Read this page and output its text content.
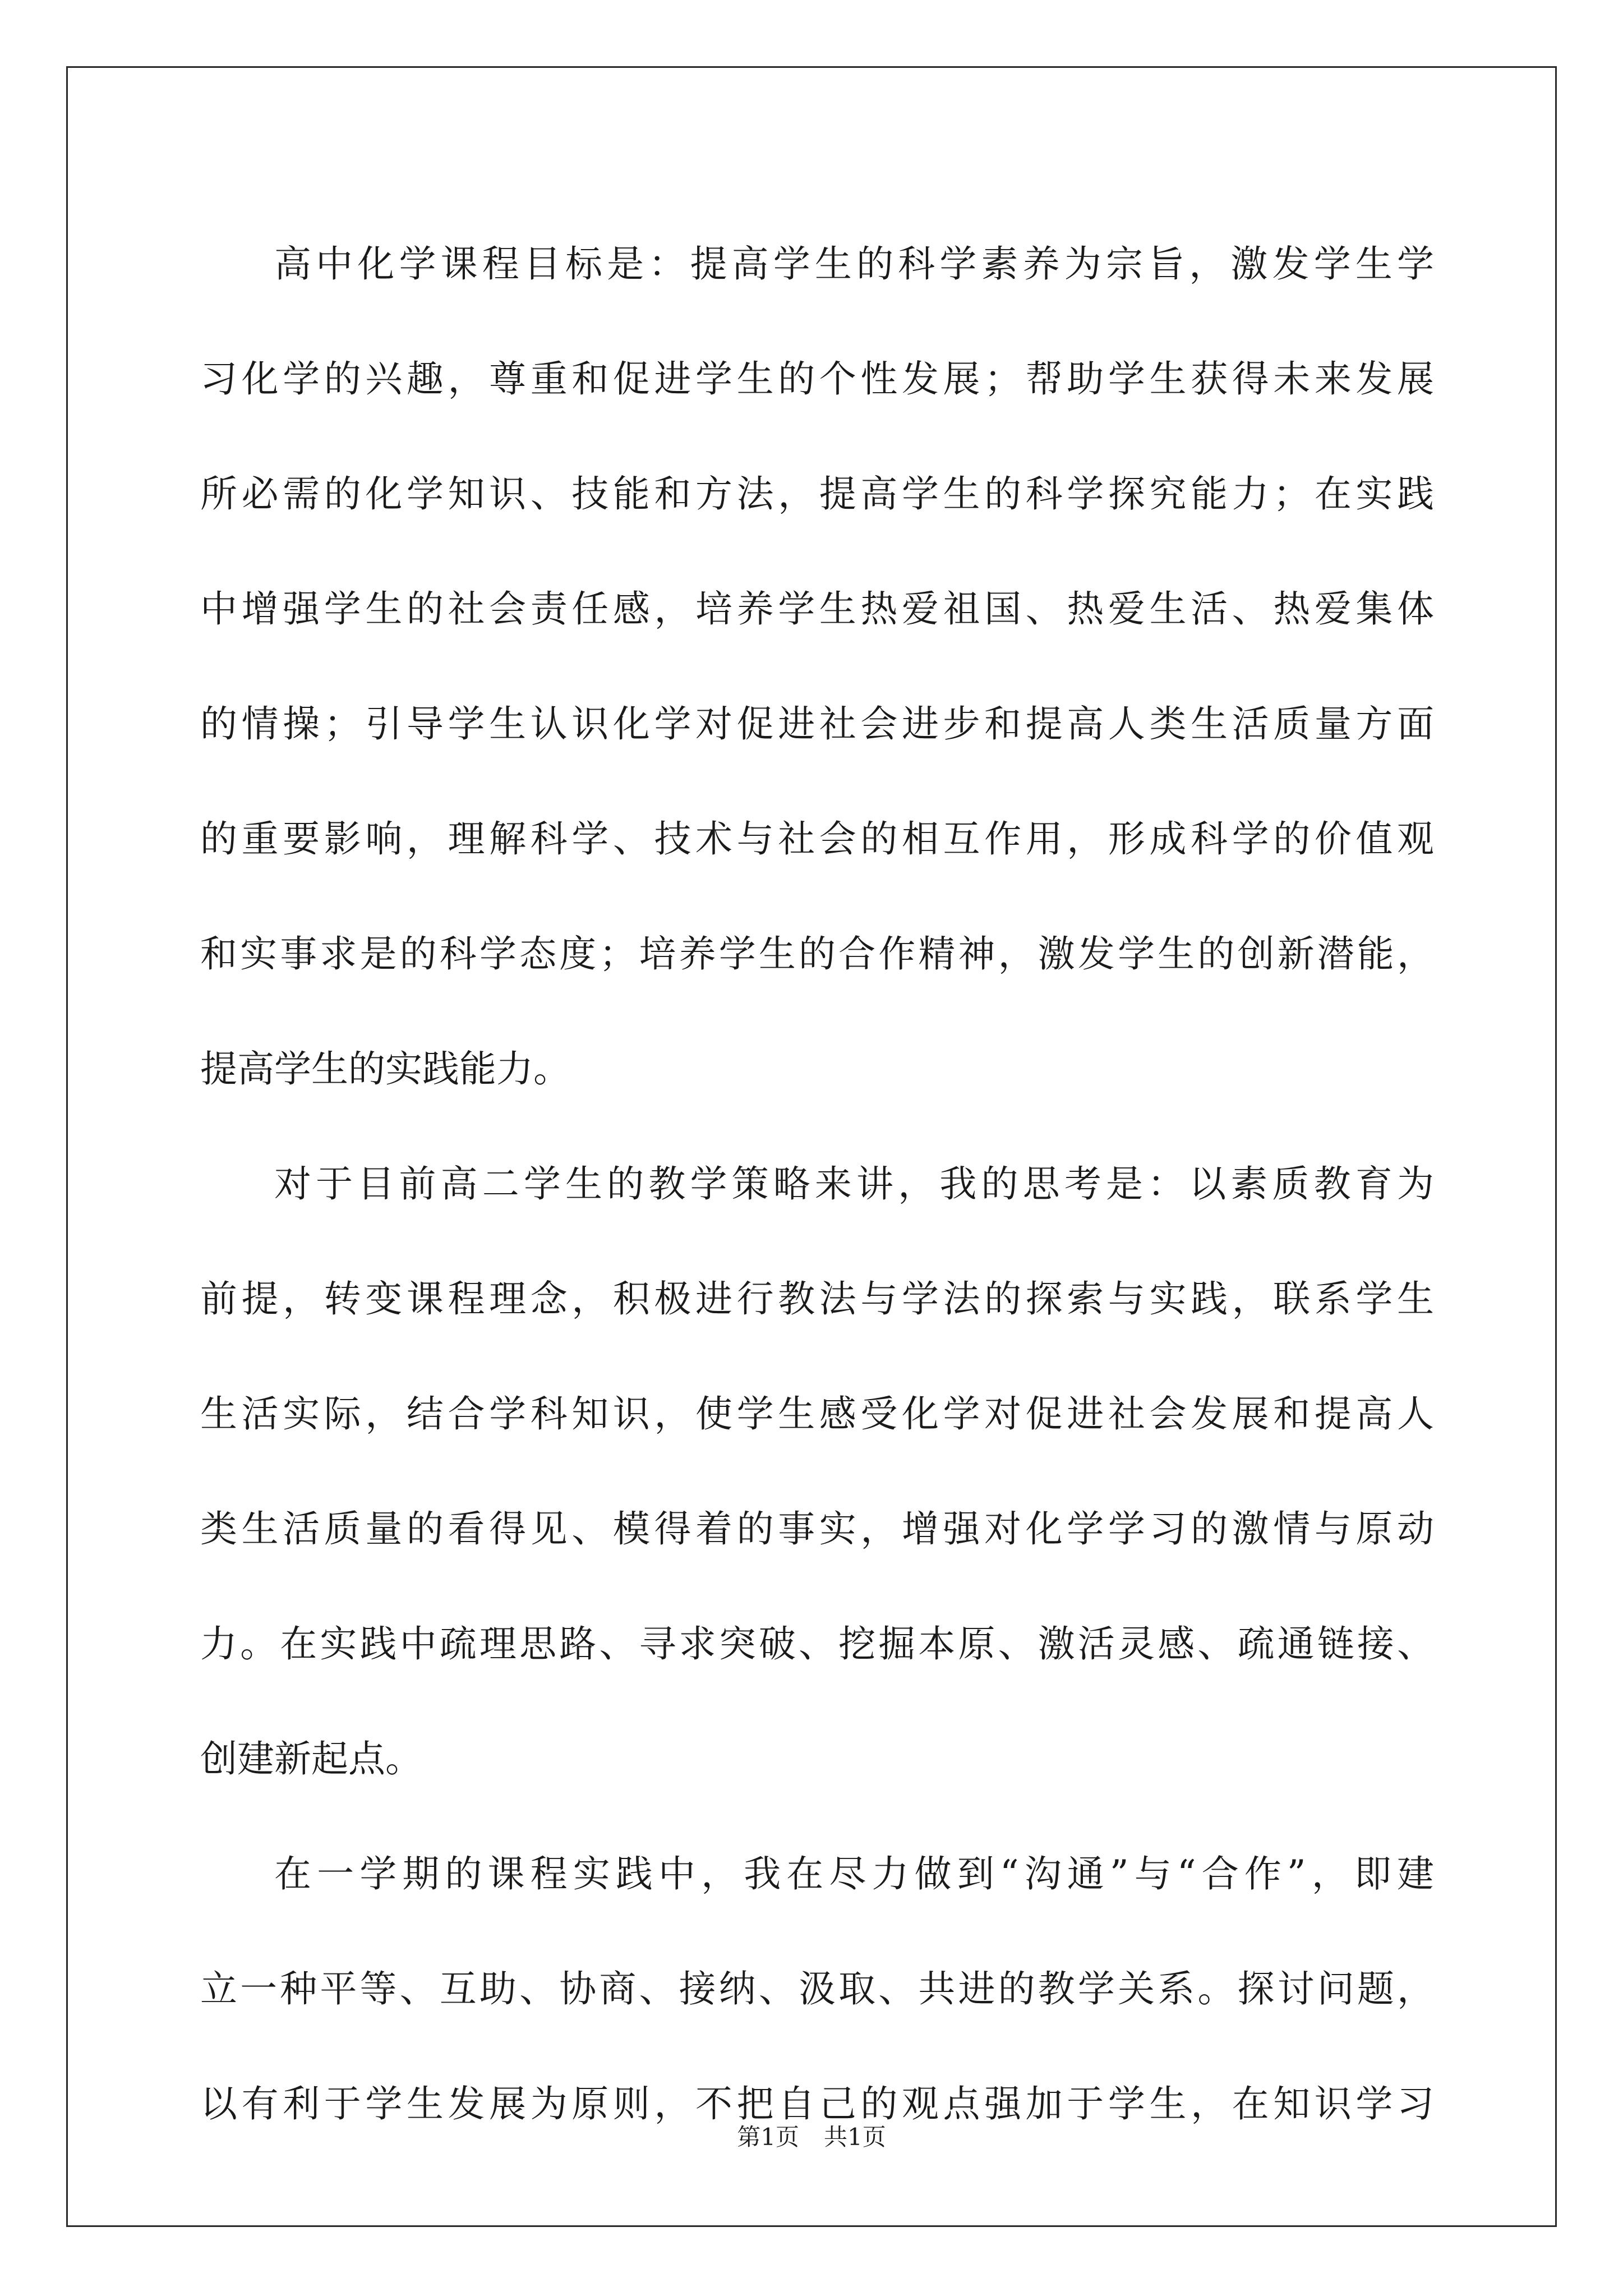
高中化学课程目标是：提高学生的科学素养为宗旨，激发学生学
习化学的兴趣，尊重和促进学生的个性发展；帮助学生获得未来发展
所必需的化学知识、技能和方法，提高学生的科学探究能力；在实践
中增强学生的社会责任感，培养学生热爱祖国、热爱生活、热爱集体
的情操；引导学生认识化学对促进社会进步和提高人类生活质量方面
的重要影响，理解科学、技术与社会的相互作用，形成科学的价值观
和实事求是的科学态度；培养学生的合作精神，激发学生的创新潜能，
提高学生的实践能力。
对于目前高二学生的教学策略来讲，我的思考是：以素质教育为
前提，转变课程理念，积极进行教法与学法的探索与实践，联系学生
生活实际，结合学科知识，使学生感受化学对促进社会发展和提高人
类生活质量的看得见、模得着的事实，增强对化学学习的激情与原动
力。在实践中疏理思路、寻求突破、挖掘本原、激活灵感、疏通链接、
创建新起点。
在一学期的课程实践中，我在尽力做到“沟通”与“合作”，即建
立一种平等、互助、协商、接纳、汲取、共进的教学关系。探讨问题，
以有利于学生发展为原则，不把自己的观点强加于学生，在知识学习
第1页 共1页
